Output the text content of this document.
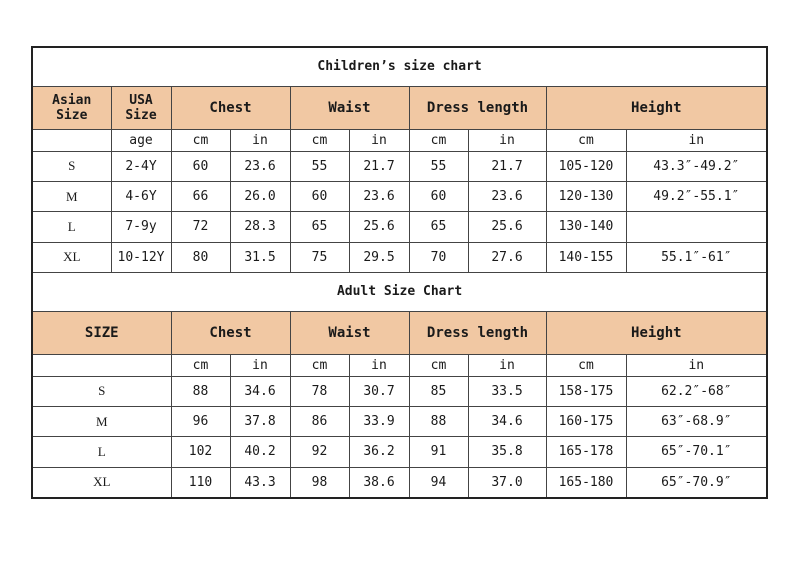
Children’s size chart									
Asian Size	USA Size	Chest		Waist		Dress length		Height	
	age	cm	in	cm	in	cm	in	cm	in
S	2-4Y	60	23.6	55	21.7	55	21.7	105-120	43.3″-49.2″
M	4-6Y	66	26.0	60	23.6	60	23.6	120-130	49.2″-55.1″
L	7-9y	72	28.3	65	25.6	65	25.6	130-140	
XL	10-12Y	80	31.5	75	29.5	70	27.6	140-155	55.1″-61″
Adult Size Chart									
SIZE		Chest		Waist		Dress length		Height	
		cm	in	cm	in	cm	in	cm	in
S		88	34.6	78	30.7	85	33.5	158-175	62.2″-68″
M		96	37.8	86	33.9	88	34.6	160-175	63″-68.9″
L		102	40.2	92	36.2	91	35.8	165-178	65″-70.1″
XL		110	43.3	98	38.6	94	37.0	165-180	65″-70.9″
